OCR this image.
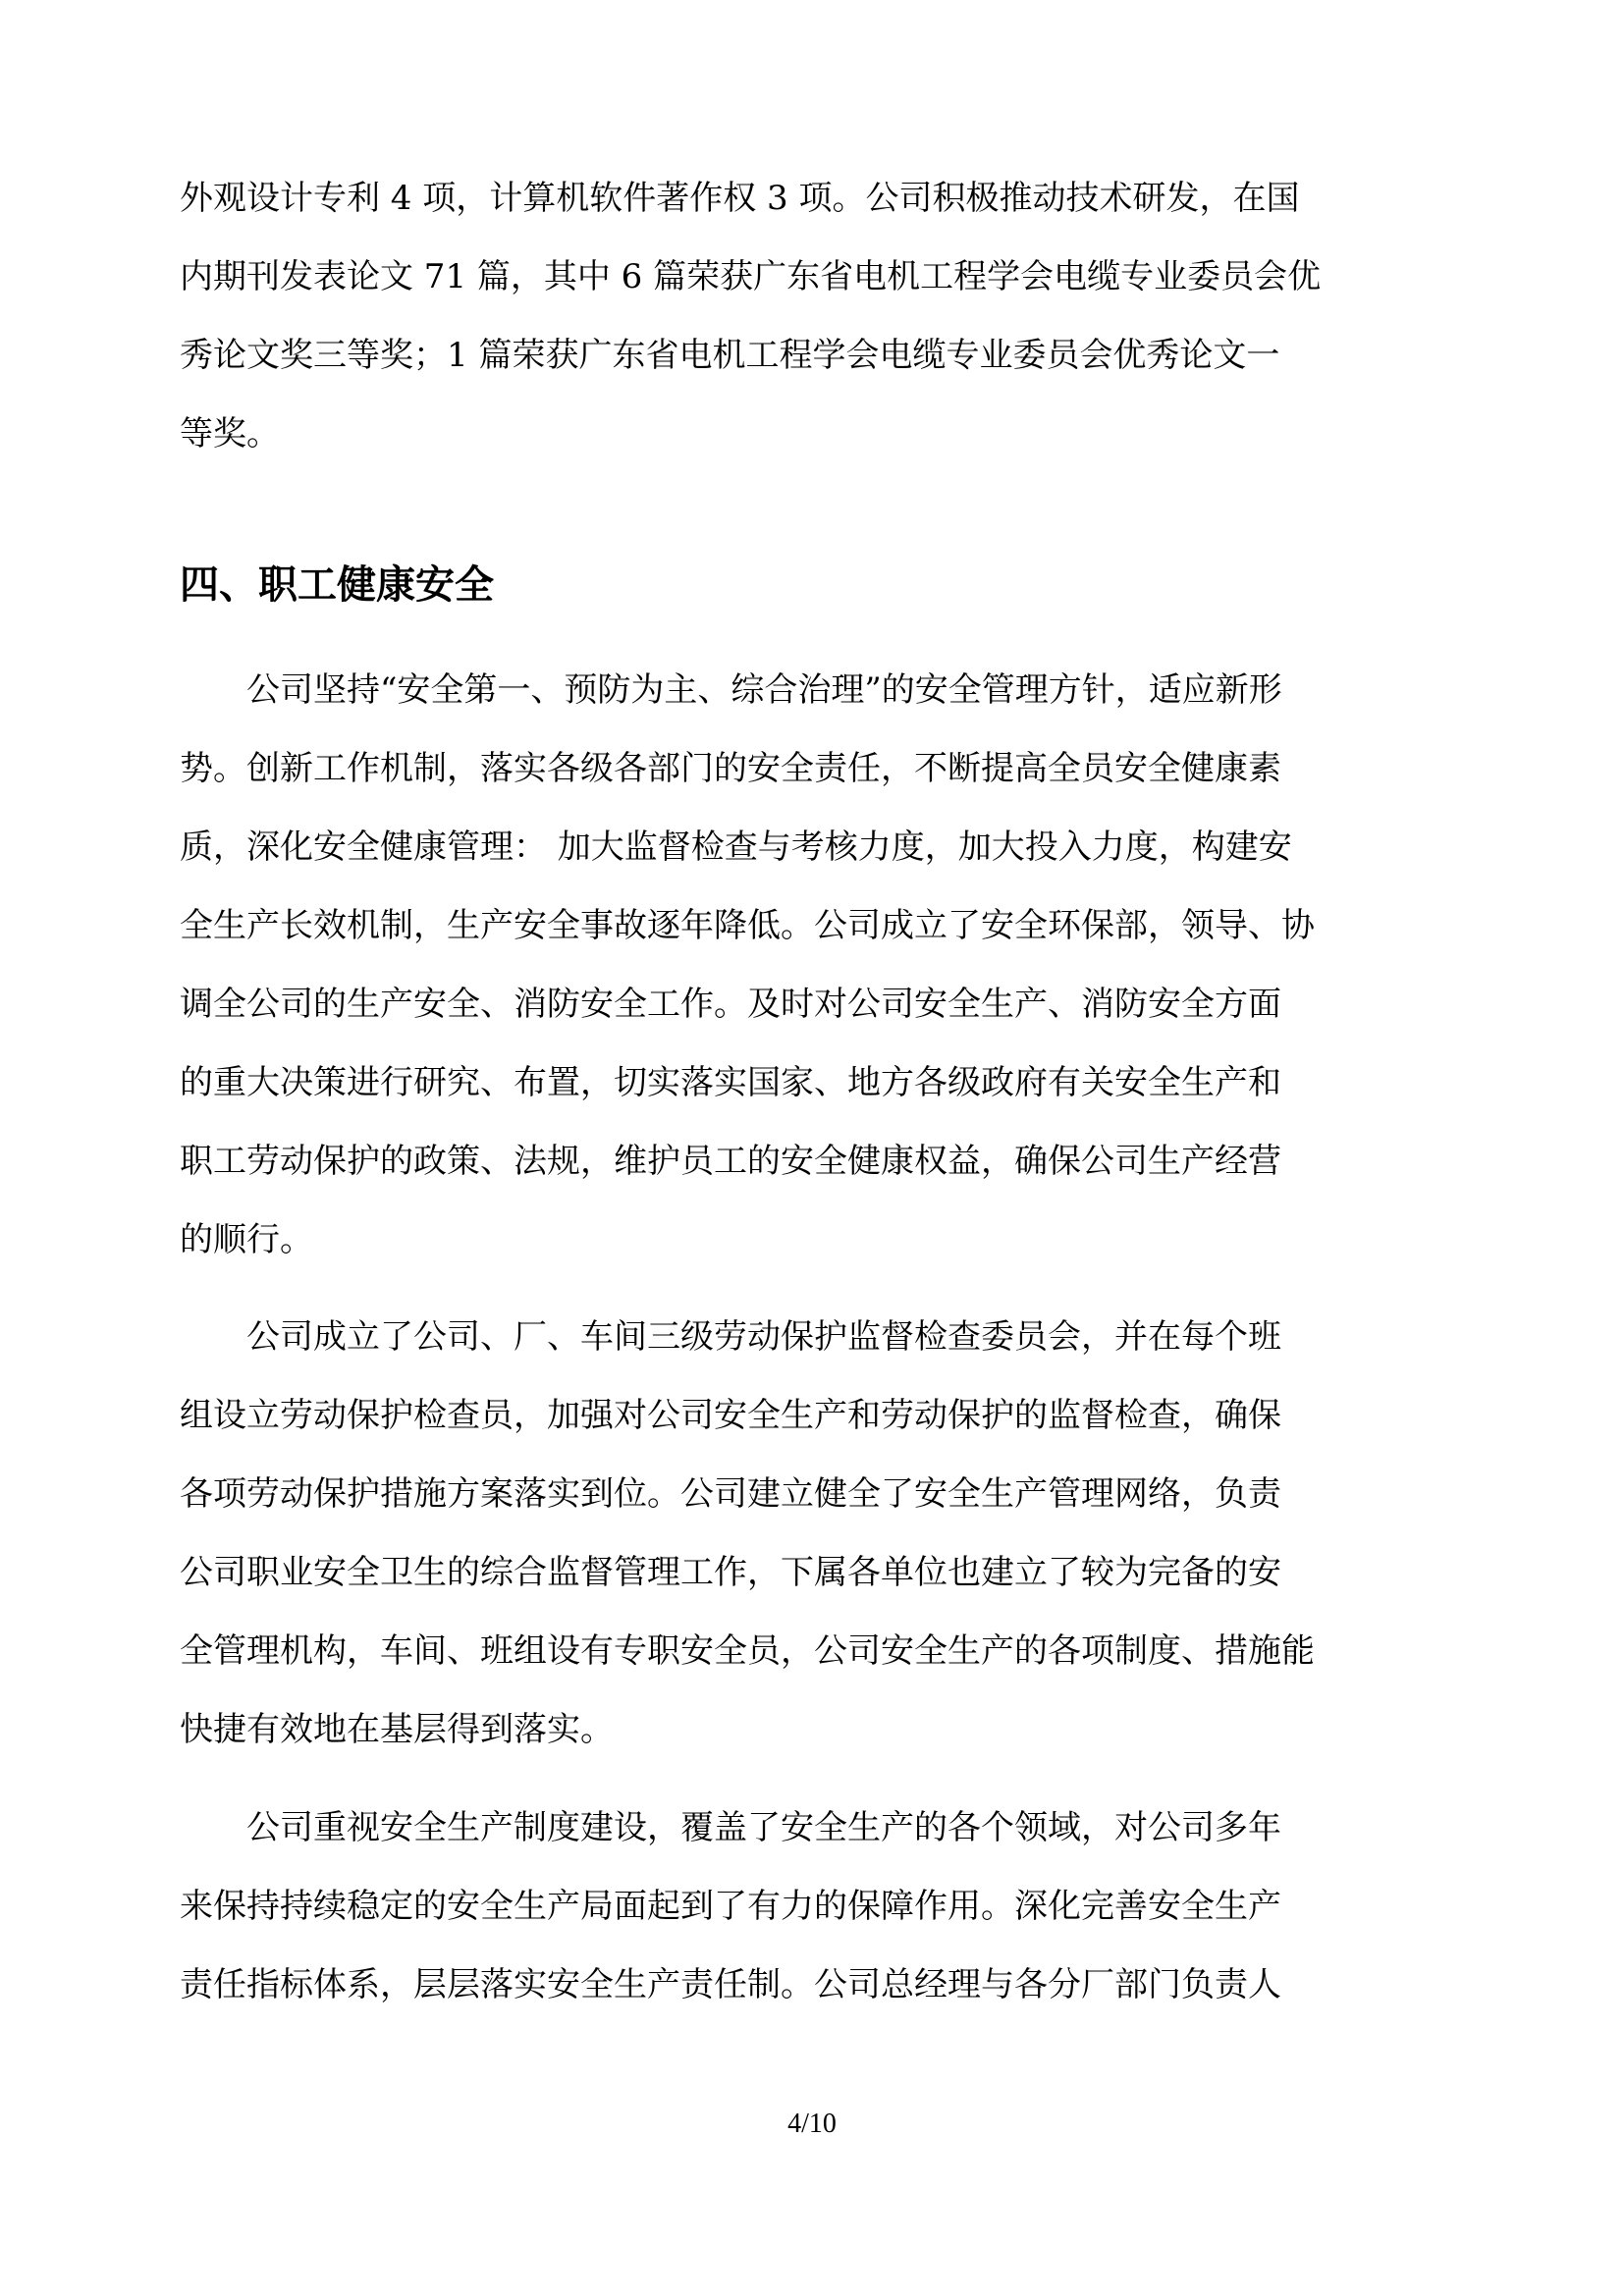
外观设计专利 4 项，计算机软件著作权 3 项。公司积极推动技术研发，在国
内期刊发表论文 71 篇，其中 6 篇荣获广东省电机工程学会电缆专业委员会优
秀论文奖三等奖；1 篇荣获广东省电机工程学会电缆专业委员会优秀论文一
等奖。
四、职工健康安全
公司坚持“安全第一、预防为主、综合治理”的安全管理方针，适应新形
势。创新工作机制，落实各级各部门的安全责任，不断提高全员安全健康素
质，深化安全健康管理： 加大监督检查与考核力度，加大投入力度，构建安
全生产长效机制，生产安全事故逐年降低。公司成立了安全环保部，领导、协
调全公司的生产安全、消防安全工作。及时对公司安全生产、消防安全方面
的重大决策进行研究、布置，切实落实国家、地方各级政府有关安全生产和
职工劳动保护的政策、法规，维护员工的安全健康权益，确保公司生产经营
的顺行。
公司成立了公司、厂、车间三级劳动保护监督检查委员会，并在每个班
组设立劳动保护检查员，加强对公司安全生产和劳动保护的监督检查，确保
各项劳动保护措施方案落实到位。公司建立健全了安全生产管理网络，负责
公司职业安全卫生的综合监督管理工作，下属各单位也建立了较为完备的安
全管理机构，车间、班组设有专职安全员，公司安全生产的各项制度、措施能
快捷有效地在基层得到落实。
公司重视安全生产制度建设，覆盖了安全生产的各个领域，对公司多年
来保持持续稳定的安全生产局面起到了有力的保障作用。深化完善安全生产
责任指标体系，层层落实安全生产责任制。公司总经理与各分厂部门负责人
4/10
